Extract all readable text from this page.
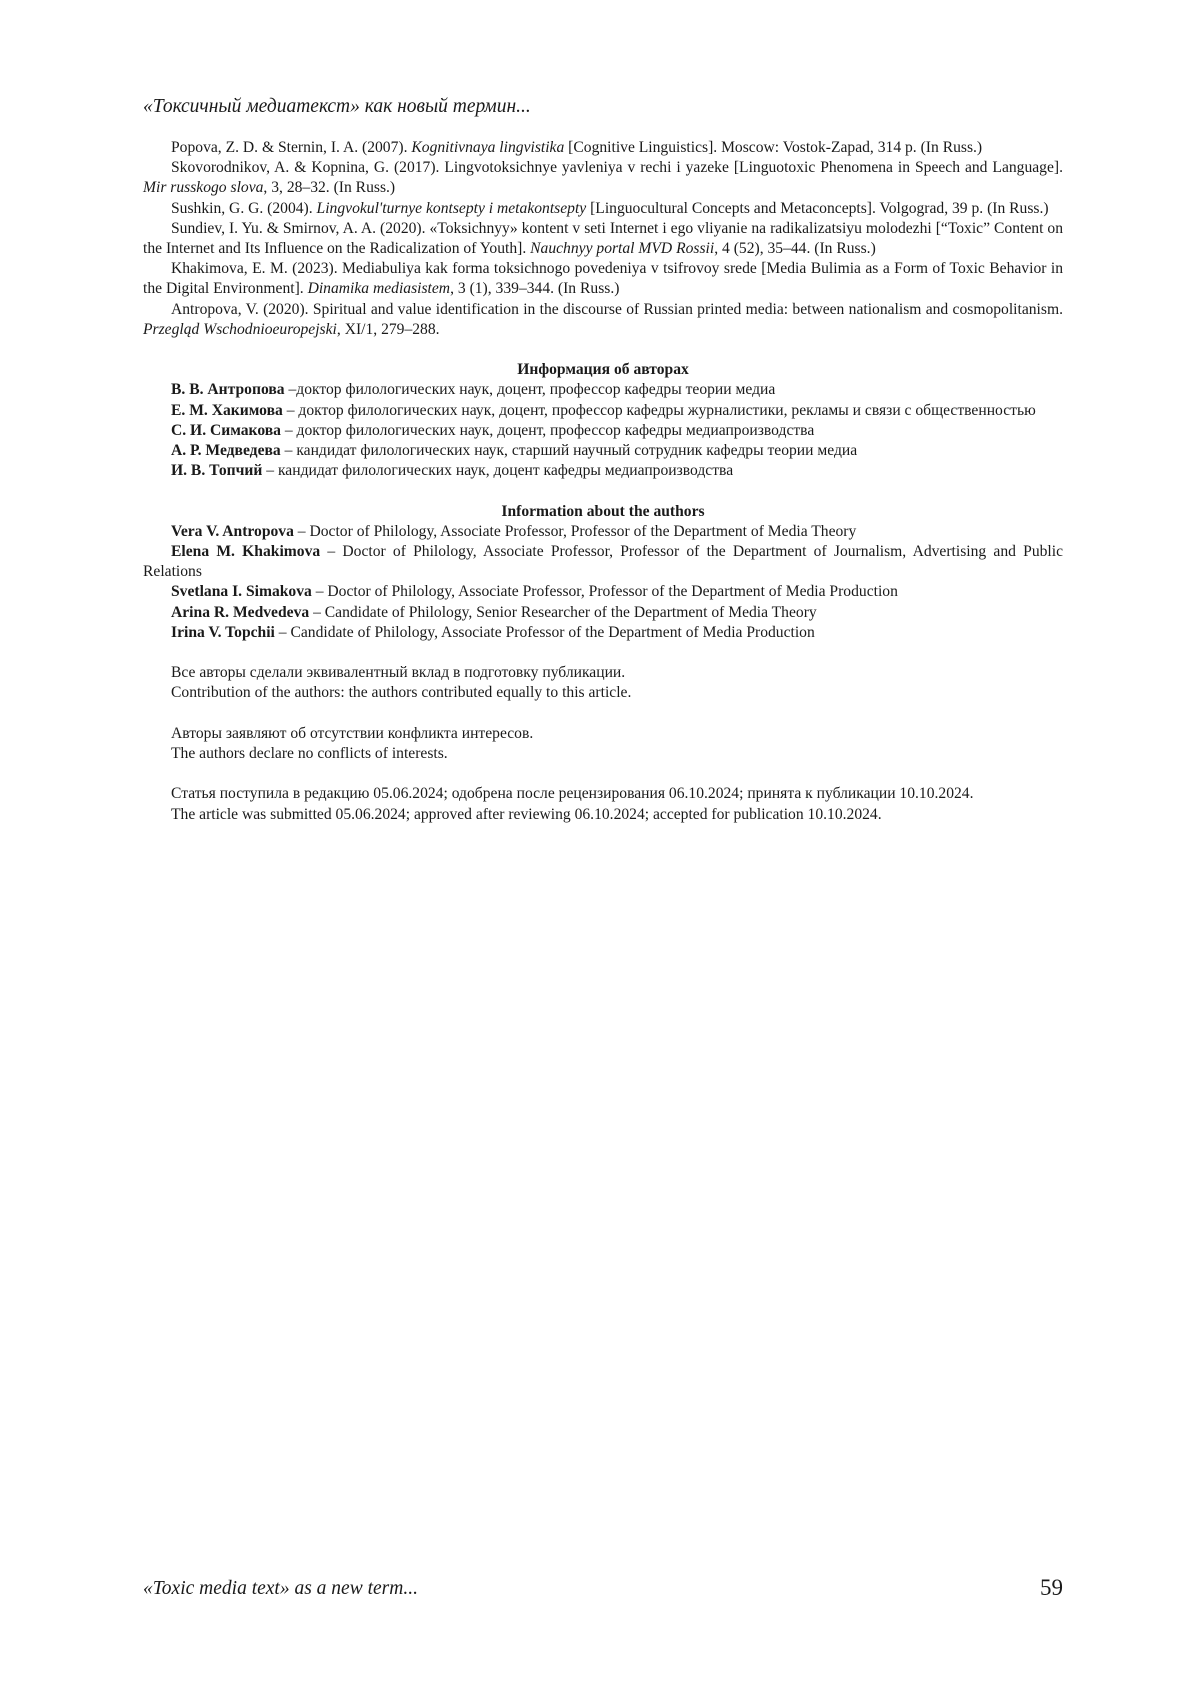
«Токсичный медиатекст» как новый термин...

Popova, Z. D. & Sternin, I. A. (2007). Kognitivnaya lingvistika [Cognitive Linguistics]. Moscow: Vostok-Zapad, 314 p. (In Russ.)

Skovorodnikov, A. & Kopnina, G. (2017). Lingvotoksichnye yavleniya v rechi i yazeke [Linguotoxic Phenomena in Speech and Language]. Mir russkogo slova, 3, 28–32. (In Russ.)

Sushkin, G. G. (2004). Lingvokul'turnye kontsepty i metakontsepty [Linguocultural Concepts and Metaconcepts]. Volgograd, 39 p. (In Russ.)

Sundiev, I. Yu. & Smirnov, A. A. (2020). «Toksichnyy» kontent v seti Internet i ego vliyanie na radikalizatsiyu molodezhi [“Toxic” Content on the Internet and Its Influence on the Radicalization of Youth]. Nauchnyy portal MVD Rossii, 4 (52), 35–44. (In Russ.)

Khakimova, E. M. (2023). Mediabuliya kak forma toksichnogo povedeniya v tsifrovoy srede [Media Bulimia as a Form of Toxic Behavior in the Digital Environment]. Dinamika mediasistem, 3 (1), 339–344. (In Russ.)

Antropova, V. (2020). Spiritual and value identification in the discourse of Russian printed media: between nationalism and cosmopolitanism. Przegląd Wschodnioeuropejski, XI/1, 279–288.

Информация об авторах

В. В. Антропова –доктор филологических наук, доцент, профессор кафедры теории медиа

Е. М. Хакимова – доктор филологических наук, доцент, профессор кафедры журналистики, рекламы и связи с общественностью

С. И. Симакова – доктор филологических наук, доцент, профессор кафедры медиапроизводства

А. Р. Медведева – кандидат филологических наук, старший научный сотрудник кафедры теории медиа

И. В. Топчий – кандидат филологических наук, доцент кафедры медиапроизводства

Information about the authors

Vera V. Antropova – Doctor of Philology, Associate Professor, Professor of the Department of Media Theory

Elena M. Khakimova – Doctor of Philology, Associate Professor, Professor of the Department of Journalism, Advertising and Public Relations

Svetlana I. Simakova – Doctor of Philology, Associate Professor, Professor of the Department of Media Production

Arina R. Medvedeva – Candidate of Philology, Senior Researcher of the Department of Media Theory

Irina V. Topchii – Candidate of Philology, Associate Professor of the Department of Media Production

Все авторы сделали эквивалентный вклад в подготовку публикации.

Contribution of the authors: the authors contributed equally to this article.

Авторы заявляют об отсутствии конфликта интересов.

The authors declare no conflicts of interests.

Статья поступила в редакцию 05.06.2024; одобрена после рецензирования 06.10.2024; принята к публикации 10.10.2024.

The article was submitted 05.06.2024; approved after reviewing 06.10.2024; accepted for publication 10.10.2024.

«Toxic media text» as a new term...	59
